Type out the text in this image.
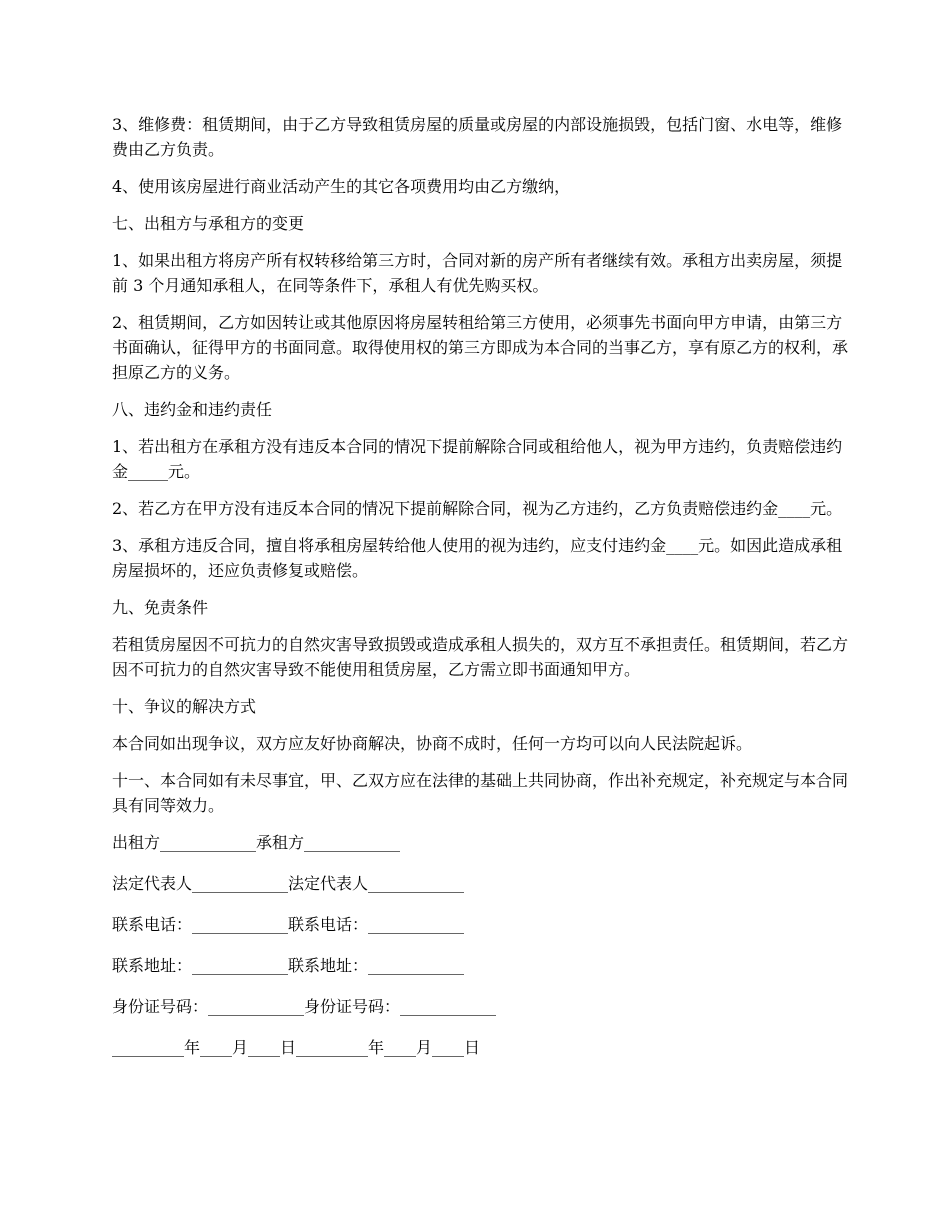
3、维修费：租赁期间，由于乙方导致租赁房屋的质量或房屋的内部设施损毁，包括门窗、水电等，维修费由乙方负责。

4、使用该房屋进行商业活动产生的其它各项费用均由乙方缴纳，

七、出租方与承租方的变更

1、如果出租方将房产所有权转移给第三方时，合同对新的房产所有者继续有效。承租方出卖房屋，须提前 3 个月通知承租人，在同等条件下，承租人有优先购买权。

2、租赁期间，乙方如因转让或其他原因将房屋转租给第三方使用，必须事先书面向甲方申请，由第三方书面确认，征得甲方的书面同意。取得使用权的第三方即成为本合同的当事乙方，享有原乙方的权利，承担原乙方的义务。

八、违约金和违约责任

1、若出租方在承租方没有违反本合同的情况下提前解除合同或租给他人，视为甲方违约，负责赔偿违约金_____元。

2、若乙方在甲方没有违反本合同的情况下提前解除合同，视为乙方违约，乙方负责赔偿违约金____元。

3、承租方违反合同，擅自将承租房屋转给他人使用的视为违约，应支付违约金____元。如因此造成承租房屋损坏的，还应负责修复或赔偿。

九、免责条件

若租赁房屋因不可抗力的自然灾害导致损毁或造成承租人损失的，双方互不承担责任。租赁期间，若乙方因不可抗力的自然灾害导致不能使用租赁房屋，乙方需立即书面通知甲方。

十、争议的解决方式

本合同如出现争议，双方应友好协商解决，协商不成时，任何一方均可以向人民法院起诉。

十一、本合同如有未尽事宜，甲、乙双方应在法律的基础上共同协商，作出补充规定，补充规定与本合同具有同等效力。

出租方____________承租方____________

法定代表人____________法定代表人____________

联系电话：____________联系电话：____________

联系地址：____________联系地址：____________

身份证号码：____________身份证号码：____________

_________年____月____日_________年____月____日
